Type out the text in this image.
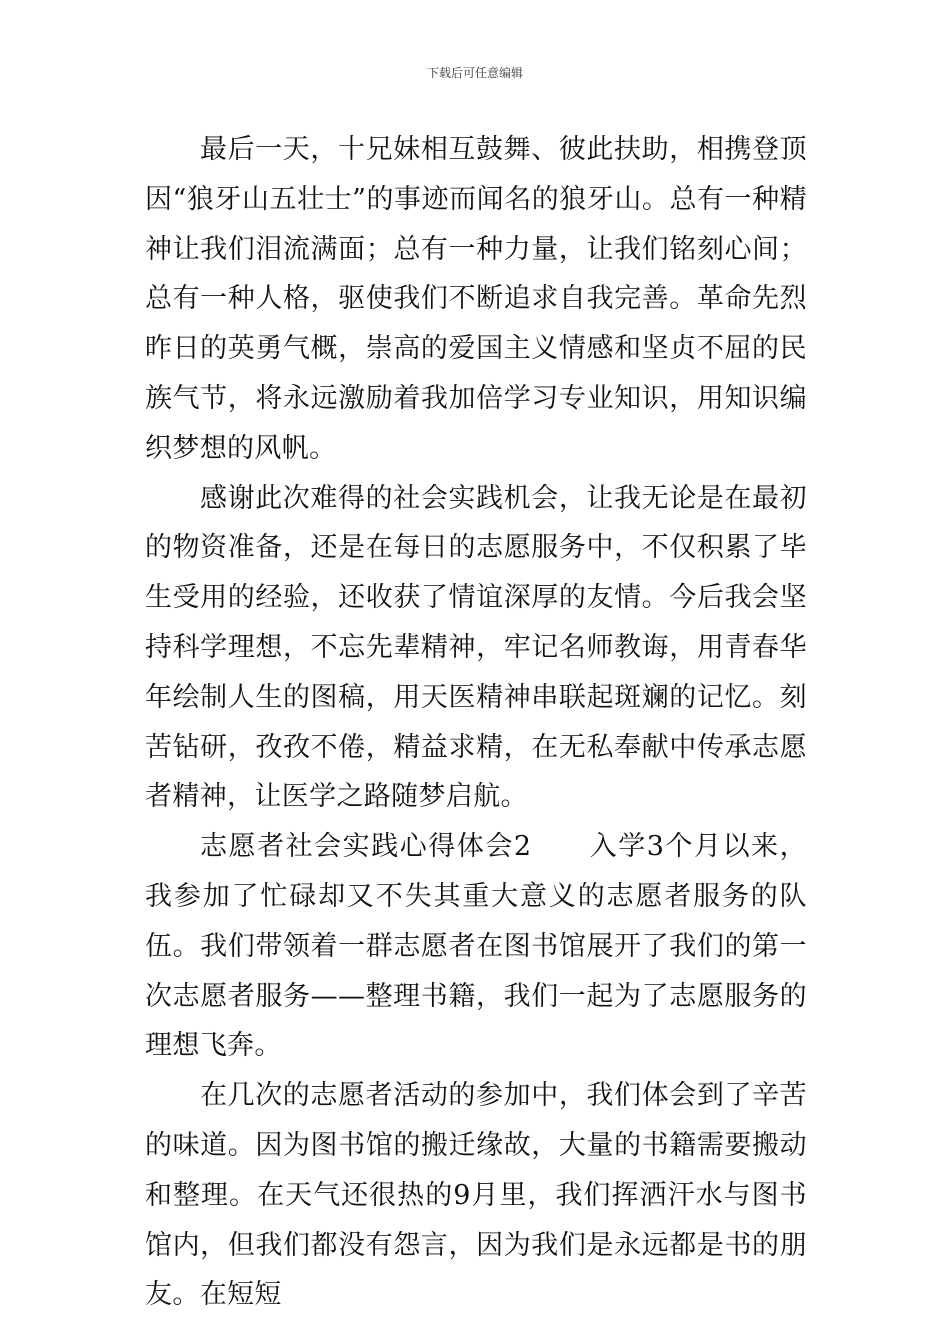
下载后可任意编辑

最后一天，十兄妹相互鼓舞、彼此扶助，相携登顶因“狼牙山五壮士”的事迹而闻名的狼牙山。总有一种精神让我们泪流满面；总有一种力量，让我们铭刻心间；总有一种人格，驱使我们不断追求自我完善。革命先烈昨日的英勇气概，崇高的爱国主义情感和坚贞不屈的民族气节，将永远激励着我加倍学习专业知识，用知识编织梦想的风帆。

感谢此次难得的社会实践机会，让我无论是在最初的物资准备，还是在每日的志愿服务中，不仅积累了毕生受用的经验，还收获了情谊深厚的友情。今后我会坚持科学理想，不忘先辈精神，牢记名师教诲，用青春华年绘制人生的图稿，用天医精神串联起斑斓的记忆。刻苦钻研，孜孜不倦，精益求精，在无私奉献中传承志愿者精神，让医学之路随梦启航。

志愿者社会实践心得体会2　　入学3个月以来，我参加了忙碌却又不失其重大意义的志愿者服务的队伍。我们带领着一群志愿者在图书馆展开了我们的第一次志愿者服务——整理书籍，我们一起为了志愿服务的理想飞奔。

在几次的志愿者活动的参加中，我们体会到了辛苦的味道。因为图书馆的搬迁缘故，大量的书籍需要搬动和整理。在天气还很热的9月里，我们挥洒汗水与图书馆内，但我们都没有怨言，因为我们是永远都是书的朋友。在短短
